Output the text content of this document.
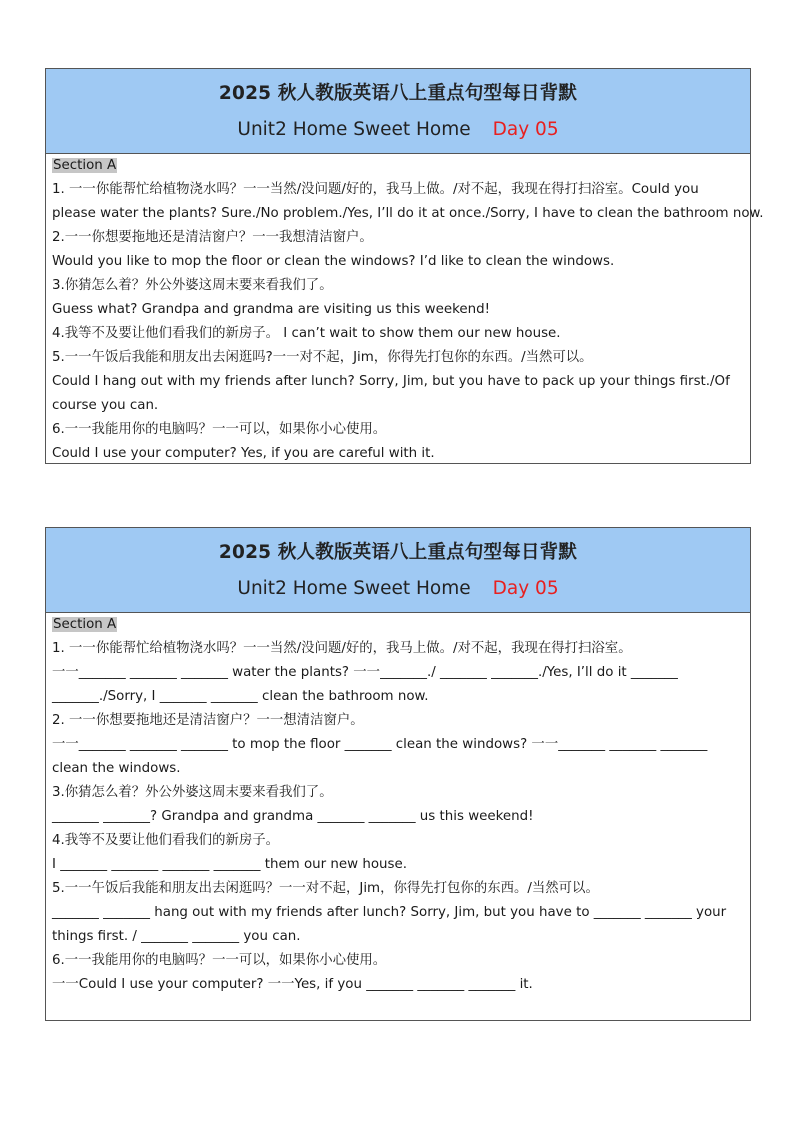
2025 秋人教版英语八上重点句型每日背默
Unit2 Home Sweet Home Day 05
Section A
1. 一一你能帮忙给植物浇水吗？一一当然/没问题/好的，我马上做。/对不起，我现在得打扫浴室。Could you
please water the plants? Sure./No problem./Yes, I’ll do it at once./Sorry, I have to clean the bathroom now.
2.一一你想要拖地还是清洁窗户？一一我想清洁窗户。
Would you like to mop the floor or clean the windows? I’d like to clean the windows.
3.你猜怎么着？外公外婆这周末要来看我们了。
Guess what? Grandpa and grandma are visiting us this weekend!
4.我等不及要让他们看我们的新房子。 I can’t wait to show them our new house.
5.一一午饭后我能和朋友出去闲逛吗?一一对不起，Jim，你得先打包你的东西。/当然可以。
Could I hang out with my friends after lunch? Sorry, Jim, but you have to pack up your things first./Of
course you can.
6.一一我能用你的电脑吗？一一可以，如果你小心使用。
Could I use your computer? Yes, if you are careful with it.
2025 秋人教版英语八上重点句型每日背默
Unit2 Home Sweet Home Day 05
Section A
1. 一一你能帮忙给植物浇水吗？一一当然/没问题/好的，我马上做。/对不起，我现在得打扫浴室。
一一_______ _______ _______ water the plants? 一一_______./ _______ _______./Yes, I’ll do it _______
_______./Sorry, I _______ _______ clean the bathroom now.
2. 一一你想要拖地还是清洁窗户？一一想清洁窗户。
一一_______ _______ _______ to mop the floor _______ clean the windows? 一一_______ _______ _______
clean the windows.
3.你猜怎么着？外公外婆这周末要来看我们了。
_______ _______? Grandpa and grandma _______ _______ us this weekend!
4.我等不及要让他们看我们的新房子。
I _______ _______ _______ _______ them our new house.
5.一一午饭后我能和朋友出去闲逛吗？一一对不起，Jim，你得先打包你的东西。/当然可以。
_______ _______ hang out with my friends after lunch? Sorry, Jim, but you have to _______ _______ your
things first. / _______ _______ you can.
6.一一我能用你的电脑吗？一一可以，如果你小心使用。
一一Could I use your computer? 一一Yes, if you _______ _______ _______ it.
